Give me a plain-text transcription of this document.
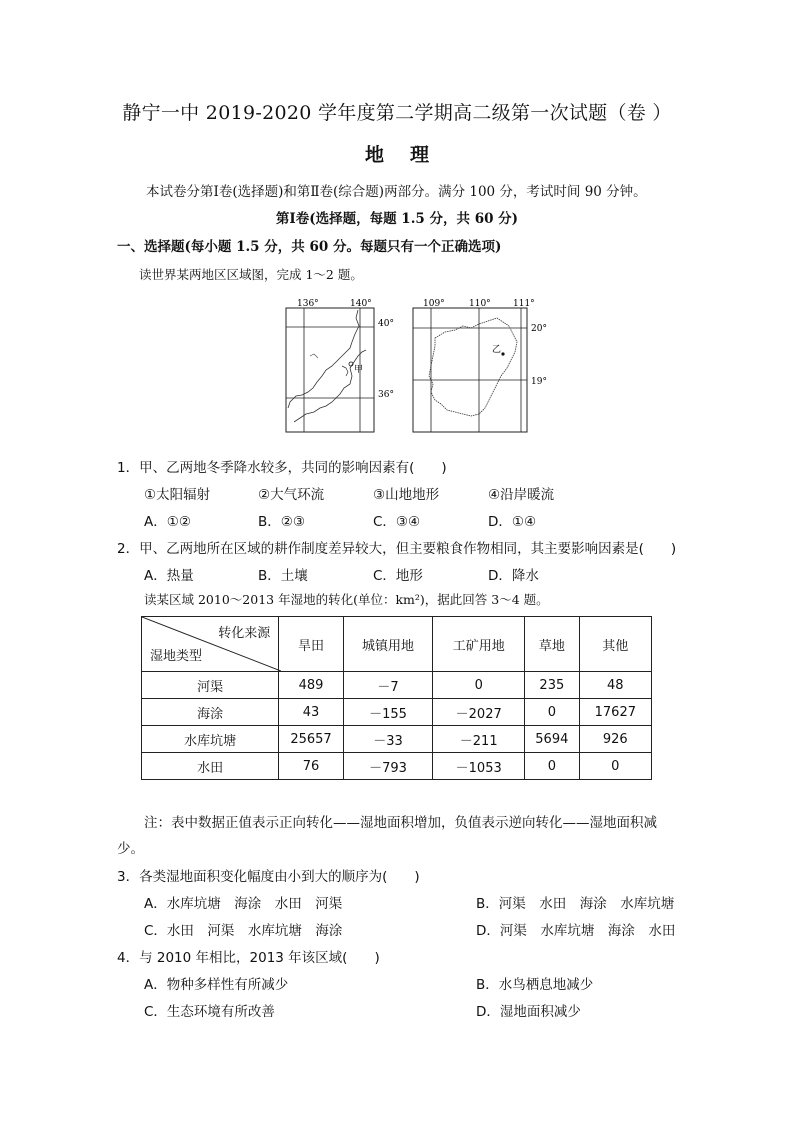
静宁一中 2019-2020 学年度第二学期高二级第一次试题（卷 ）
地理
本试卷分第Ⅰ卷(选择题)和第Ⅱ卷(综合题)两部分。满分 100 分，考试时间 90 分钟。
第Ⅰ卷(选择题，每题 1.5 分，共 60 分)
一、选择题(每小题 1.5 分，共 60 分。每题只有一个正确选项)
读世界某两地区区域图，完成 1～2 题。
136°	140°
40°
36°
甲
109°	110° 111°
20°
19°
乙
1．甲、乙两地冬季降水较多，共同的影响因素有(　　)
①太阳辐射	②大气环流	③山地地形	④沿岸暖流
A．①②	B．②③	C．③④	D．①④
2．甲、乙两地所在区域的耕作制度差异较大，但主要粮食作物相同，其主要影响因素是(　　)
A．热量	B．土壤	C．地形	D．降水
读某区域 2010～2013 年湿地的转化(单位：km²)，据此回答 3～4 题。
转化来源
湿地类型	旱田	城镇用地	工矿用地	草地	其他
河渠	489	－7	0	235	48
海涂	43	－155	－2027	0	17627
水库坑塘	25657	－33	－211	5694	926
水田	76	－793	－1053	0	0
注：表中数据正值表示正向转化——湿地面积增加，负值表示逆向转化——湿地面积减
少。
3．各类湿地面积变化幅度由小到大的顺序为(　　)
A．水库坑塘　海涂　水田　河渠	B．河渠　水田　海涂　水库坑塘
C．水田　河渠　水库坑塘　海涂	D．河渠　水库坑塘　海涂　水田
4．与 2010 年相比，2013 年该区域(　　)
A．物种多样性有所减少	B．水鸟栖息地减少
C．生态环境有所改善	D．湿地面积减少
